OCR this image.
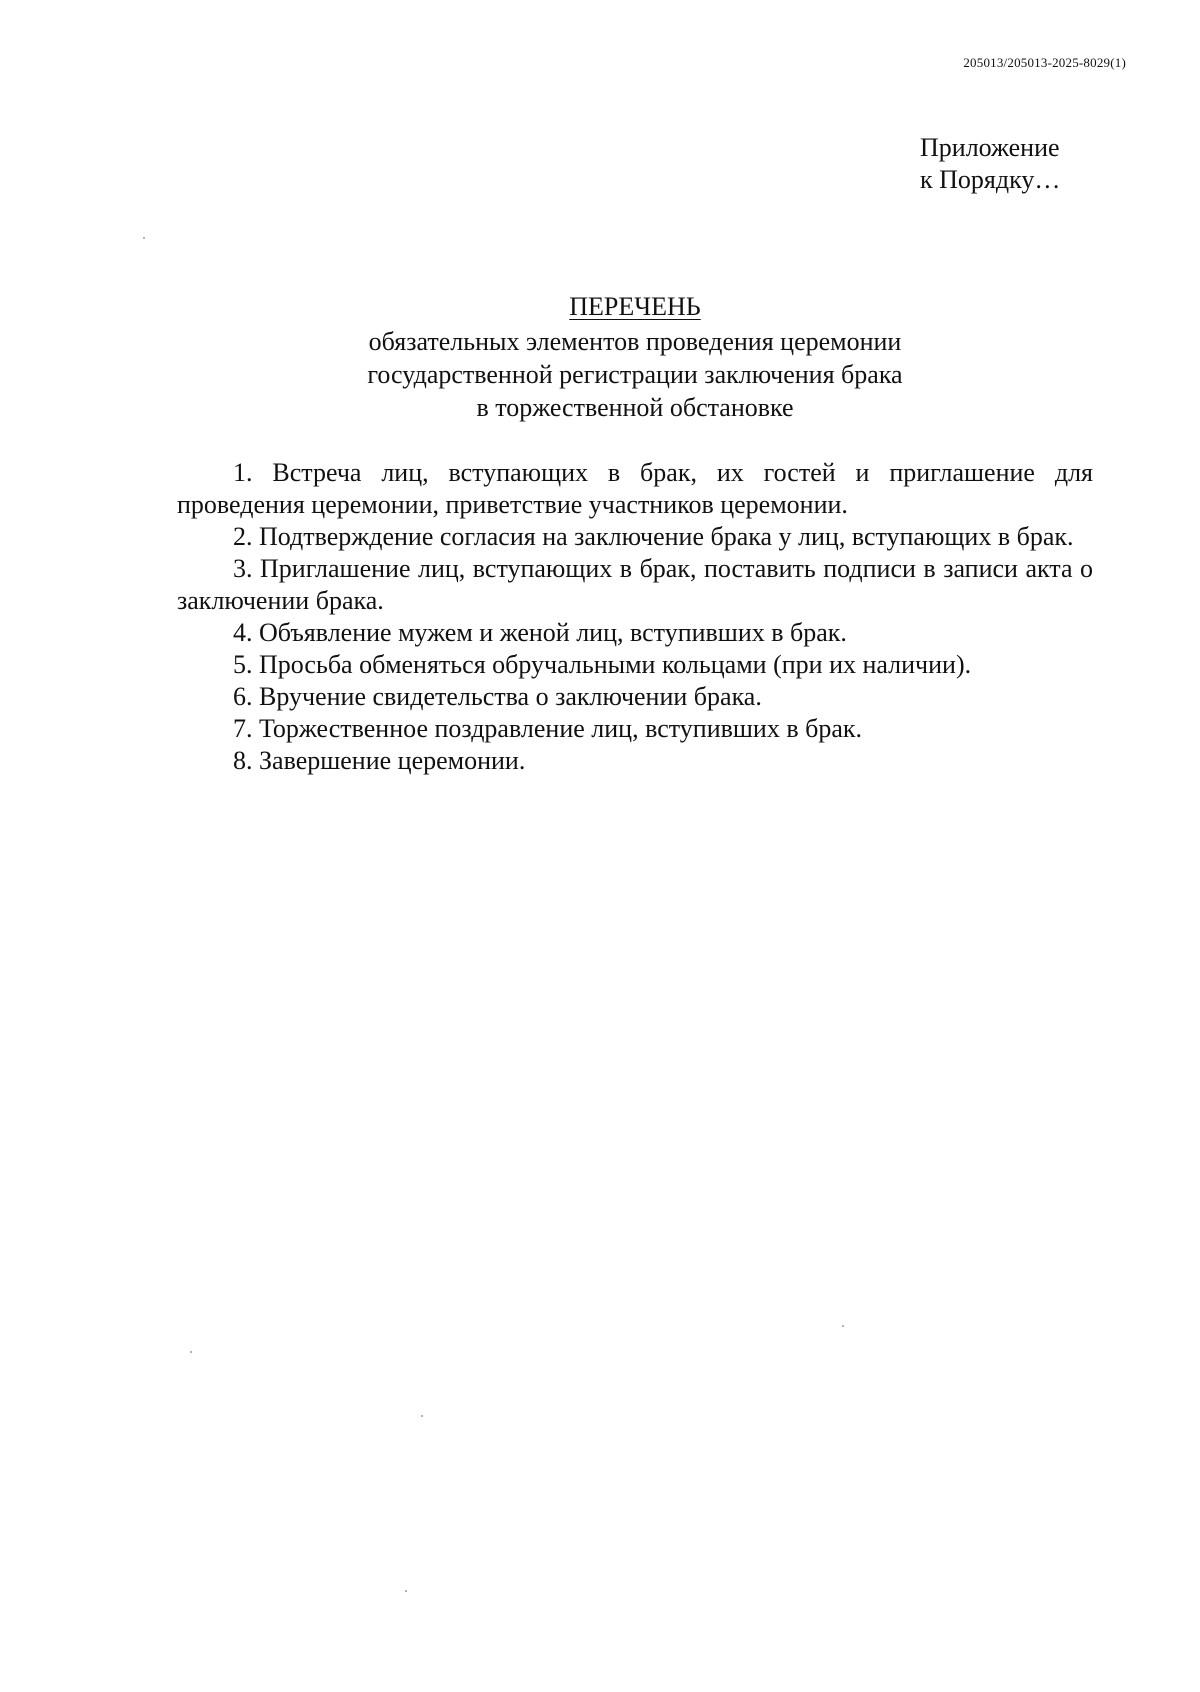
205013/205013-2025-8029(1)
Приложение
к Порядку…
ПЕРЕЧЕНЬ
обязательных элементов проведения церемонии
государственной регистрации заключения брака
в торжественной обстановке
1. Встреча лиц, вступающих в брак, их гостей и приглашение для проведения церемонии, приветствие участников церемонии.
2. Подтверждение согласия на заключение брака у лиц, вступающих в брак.
3. Приглашение лиц, вступающих в брак, поставить подписи в записи акта о заключении брака.
4. Объявление мужем и женой лиц, вступивших в брак.
5. Просьба обменяться обручальными кольцами (при их наличии).
6. Вручение свидетельства о заключении брака.
7. Торжественное поздравление лиц, вступивших в брак.
8. Завершение церемонии.
